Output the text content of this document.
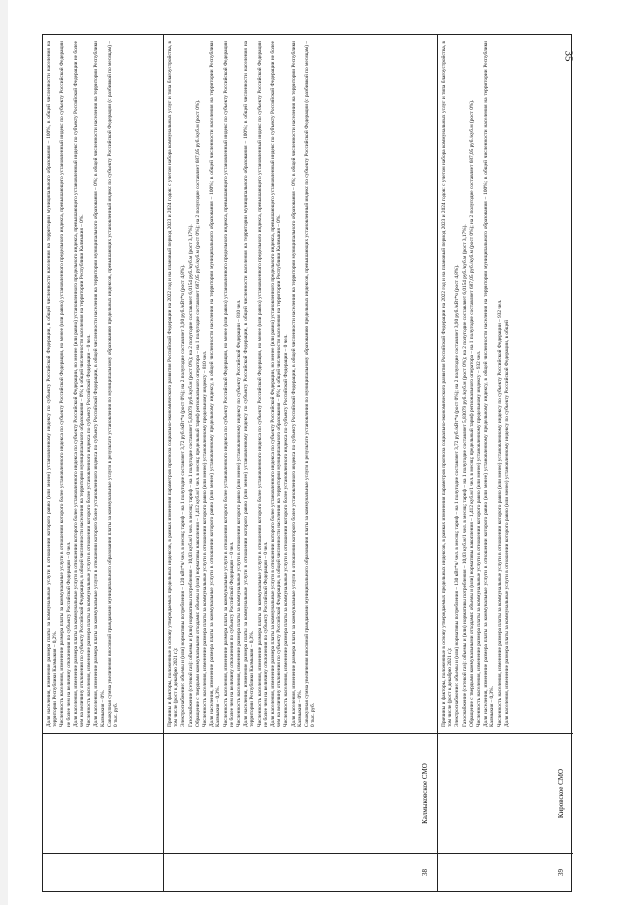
35

Доля населения, изменение размера платы за коммунальные услуги в отношении которого равно (или менее) установленному индексу по субъекту Российской Федерации, в общей численности населения на территории муниципального образования – 100%, в общей численности населения на территории Республики Калмыкия – 0,2%. Численность населения, изменение размера платы за коммунальные услуги в отношении которого более установленного индекса по субъекту Российской Федерации, но менее (или равно) установленного предельного индекса, превышающего установленный индекс по субъекту Российской Федерации не более чем на величину отклонения по субъекту Российской Федерации – 0 чел. Доля населения, изменение размера платы за коммунальные услуги в отношении которого более установленного индекса по субъекту Российской Федерации, но менее (или равно) установленного предельного индекса, превышающего установленный индекс по субъекту Российской Федерации не более чем на величину отклонения по субъекту Российской Федерации, в общей численности населения на территории муниципального образования – 0%; в общей численности населения на территории Республики Калмыкия – 0%. Численность населения, изменение размера платы за коммунальные услуги в отношении которого более установленного индекса по субъекту Российской Федерации – 0 чел. Доля населения, изменение размера платы за коммунальные услуги в отношении которого более установленного индекса по субъекту Российской Федерации, в общей численности населения на территории муниципального образования – 0%; в общей численности населения на территории Республики Калмыкия – 0%. Совокупная сумма увеличения вносимой гражданами муниципального образования платы за коммунальные услуги в результате установления по муниципальному образованию предельных индексов, превышающих установленный индекс по субъекту Российской Федерации (с разбивкой по месяцам) – 0 тыс. руб.

38
Калмыковское СМО

Причины и факторы, положенные в основу утверждаемых предельных индексов, в рамках изменения параметров прогноза социально-экономического развития Российской Федерации на 2022 год и на плановый период 2023 и 2024 годов: с учетом набора коммунальных услуг и типа благоустройства, в том числе (рост к декабрю 2021 г.): Электроснабжение: объемы и (или) нормативы потребления – 120 кВт*ч/ чел. в месяц; тариф – на 1 полугодие составляет 3,72 руб./кВт*ч (рост 0%); на 2 полугодие составляет 3,90 руб./кВт*ч (рост 4,8%). Газоснабжение (сетевой газ): объемы и (или) нормативы потребления – 10,03 куб.м/1 чел. в месяц; тариф – на 1 полугодие составляет 5,83079 руб./куб.м (рост 0%); на 2 полугодие составляет 6,0154 руб./куб.м (рост 3,17%). Обращение с твердыми коммунальными отходами: объемы и (или) нормативы накопления – 1,412 куб.м/1 чел. в месяц; предельный тариф регионального оператора – на 1 полугодие составляет 687,05 руб./куб.м (рост 0%); на 2 полугодие составляет 687,05 руб./куб.м (рост 0%). Численность населения, изменение размера платы за коммунальные услуги в отношении которого равно (или менее) установленному предельному индексу – 810 чел. Доля населения, изменение размера платы за коммунальные услуги в отношении которого равно (или менее) установленному предельному индексу, в общей численности населения на территории муниципального образования – 100%; в общей численности населения на территории Республики Калмыкия – 0,3%. Численность населения, изменение размера платы за коммунальные услуги в отношении которого более установленного индекса по субъекту Российской Федерации, но менее (или равно) установленного предельного индекса, превышающего установленный индекс по субъекту Российской Федерации не более чем на величину отклонения по субъекту Российской Федерации – 0 чел. Численность населения, изменение размера платы за коммунальные услуги в отношении которого равно (или менее) установленному индексу по субъекту Российской Федерации – 810 чел. Доля населения, изменение размера платы за коммунальные услуги в отношении которого равно (или менее) установленному индексу по субъекту Российской Федерации, в общей численности населения на территории муниципального образования – 100%; в общей численности населения на территории Республики Калмыкия – 0,3%. Численность населения, изменение размера платы за коммунальные услуги в отношении которого более установленного индекса по субъекту Российской Федерации, но менее (или равно) установленного предельного индекса, превышающего установленный индекс по субъекту Российской Федерации не более чем на величину отклонения по субъекту Российской Федерации – 0 чел. Доля населения, изменение размера платы за коммунальные услуги в отношении которого более установленного индекса по субъекту Российской Федерации, но менее (или равно) установленного предельного индекса, превышающего установленный индекс по субъекту Российской Федерации не более чем на величину отклонения по субъекту Российской Федерации, в общей численности населения на территории муниципального образования – 0%; в общей численности населения на территории Республики Калмыкия – 0%. Численность населения, изменение размера платы за коммунальные услуги в отношении которого более установленного индекса по субъекту Российской Федерации – 0 чел. Доля населения, изменение размера платы за коммунальные услуги в отношении которого более установленного индекса по субъекту Российской Федерации, в общей численности населения на территории муниципального образования – 0%; в общей численности населения на территории Республики Калмыкия – 0%. Совокупная сумма увеличения вносимой гражданами муниципального образования платы за коммунальные услуги в результате установления по муниципальному образованию предельных индексов, превышающих установленный индекс по субъекту Российской Федерации (с разбивкой по месяцам) – 0 тыс. руб.

39
Кировское СМО

Причины и факторы, положенные в основу утверждаемых предельных индексов, в рамках изменения параметров прогноза социально-экономического развития Российской Федерации на 2022 год и на плановый период 2023 и 2024 годов: с учетом набора коммунальных услуг и типа благоустройства, в том числе (рост к декабрю 2021 г.): Электроснабжение: объемы и (или) нормативы потребления – 130 кВт*ч/ чел. в месяц; тариф – на 1 полугодие составляет 3,72 руб./кВт*ч (рост 0%); на 2 полугодие составляет 3,90 руб./кВт*ч (рост 4,8%). Газоснабжение (сетевой газ): объемы и (или) нормативы потребления – 10,03 куб.м/1 чел. в месяц; тариф – на 1 полугодие составляет 5,83079 руб./куб.м (рост 0%); на 2 полугодие составляет 6,0154 руб./куб.м (рост 3,17%). Обращение с твердыми коммунальными отходами: объемы и (или) нормативы накопления – 1,412 куб.м/1 чел. в месяц; предельный тариф регионального оператора – на 1 полугодие составляет 687,05 руб./куб.м (рост 0%); на 2 полугодие составляет 687,05 руб./куб.м (рост 0%). Численность населения, изменение размера платы за коммунальные услуги в отношении которого равно (или менее) установленному предельному индексу – 932 чел. Доля населения, изменение размера платы за коммунальные услуги в отношении которого равно (или менее) установленному предельному индексу, в общей численности населения на территории муниципального образования – 100%; в общей численности населения на территории Республики Калмыкия – 0,3%. Численность населения, изменение размера платы за коммунальные услуги в отношении которого равно (или менее) установленному индексу по субъекту Российской Федерации – 932 чел. Доля населения, изменение размера платы за коммунальные услуги в отношении которого равно (или менее) установленному индексу по субъекту Российской Федерации, в общей
